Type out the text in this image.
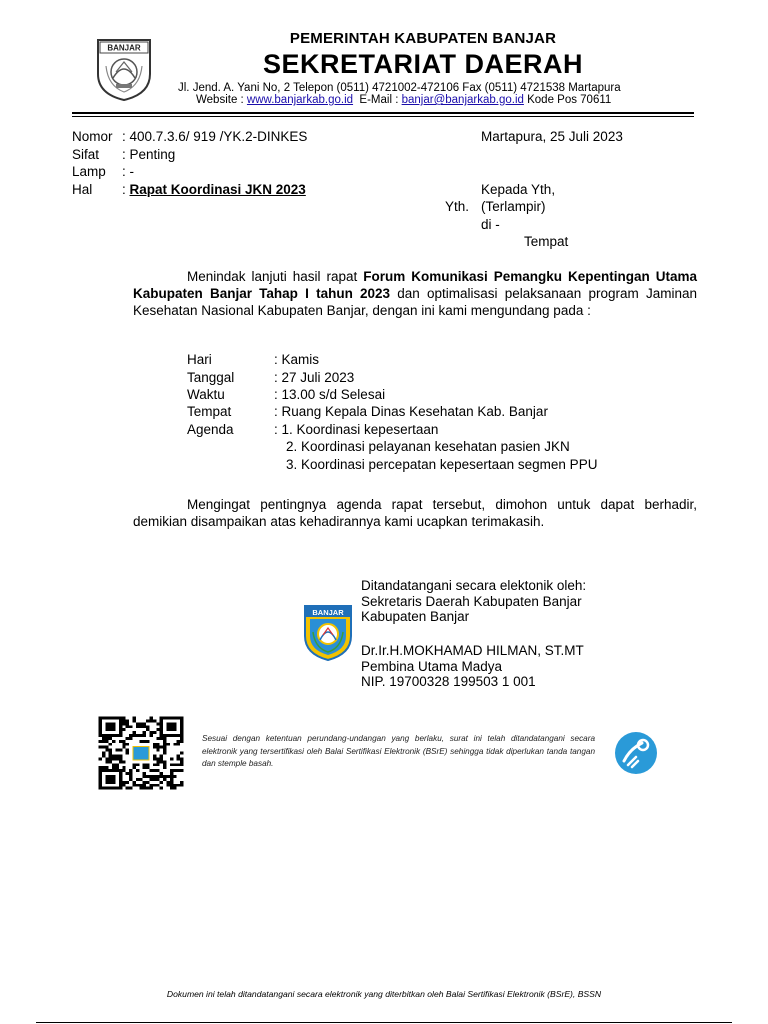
BANJAR
PEMERINTAH KABUPATEN BANJAR
SEKRETARIAT DAERAH
Jl. Jend. A. Yani No, 2 Telepon (0511) 4721002-472106 Fax (0511) 4721538 Martapura
Website : www.banjarkab.go.id  E-Mail : banjar@banjarkab.go.id Kode Pos 70611
Nomor : 400.7.3.6/ 919 /YK.2-DINKES
Sifat : Penting
Lamp : -
Hal : Rapat Koordinasi JKN 2023
Martapura, 25 Juli 2023
Kepada Yth,
Yth. (Terlampir)
di -
Tempat
Menindak lanjuti hasil rapat Forum Komunikasi Pemangku Kepentingan Utama Kabupaten Banjar Tahap I tahun 2023 dan optimalisasi pelaksanaan program Jaminan Kesehatan Nasional Kabupaten Banjar, dengan ini kami mengundang pada :
Hari	: Kamis
Tanggal	: 27 Juli 2023
Waktu	: 13.00 s/d Selesai
Tempat	: Ruang Kepala Dinas Kesehatan Kab. Banjar
Agenda	: 1. Koordinasi kepesertaan
2. Koordinasi pelayanan kesehatan pasien JKN
3. Koordinasi percepatan kepesertaan segmen PPU
Mengingat pentingnya agenda rapat tersebut, dimohon untuk dapat berhadir, demikian disampaikan atas kehadirannya kami ucapkan terimakasih.
Ditandatangani secara elektonik oleh:
Sekretaris Daerah Kabupaten Banjar
Kabupaten Banjar
Dr.Ir.H.MOKHAMAD HILMAN, ST.MT
Pembina Utama Madya
NIP. 19700328 199503 1 001
BANJAR
Sesuai dengan ketentuan perundang-undangan yang berlaku, surat ini telah ditandatangani secara elektronik yang tersertifikasi oleh Balai Sertifikasi Elektronik (BSrE) sehingga tidak diperlukan tanda tangan dan stemple basah.
Dokumen ini telah ditandatangani secara elektronik yang diterbitkan oleh Balai Sertifikasi Elektronik (BSrE), BSSN
